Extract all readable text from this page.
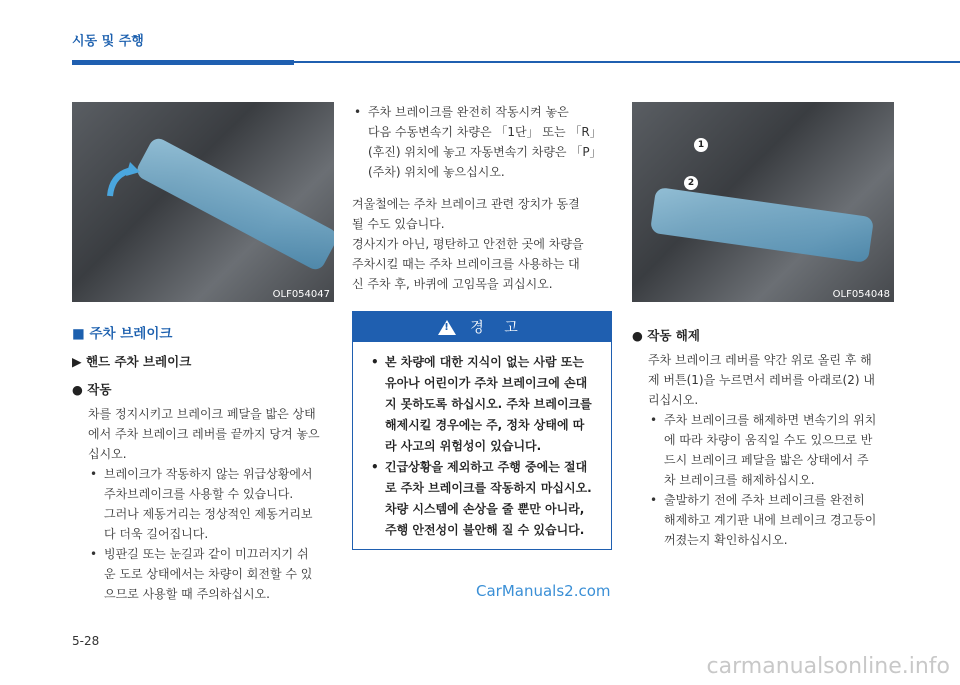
시동 및 주행
OLF054047
1
2
OLF054048
■ 주차 브레이크
▶ 핸드 주차 브레이크
● 작동
차를 정지시키고 브레이크 페달을 밟은 상태
에서 주차 브레이크 레버를 끝까지 당겨 놓으
십시오.
• 브레이크가 작동하지 않는 위급상황에서
주차브레이크를 사용할 수 있습니다.
그러나 제동거리는 정상적인 제동거리보
다 더욱 길어집니다.
• 빙판길 또는 눈길과 같이 미끄러지기 쉬
운 도로 상태에서는 차량이 회전할 수 있
으므로 사용할 때 주의하십시오.
• 주차 브레이크를 완전히 작동시켜 놓은
다음 수동변속기 차량은 「1단」 또는 「R」
(후진) 위치에 놓고 자동변속기 차량은 「P」
(주차) 위치에 놓으십시오.
겨울철에는 주차 브레이크 관련 장치가 동결
될 수도 있습니다.
경사지가 아닌, 평탄하고 안전한 곳에 차량을
주차시킬 때는 주차 브레이크를 사용하는 대
신 주차 후, 바퀴에 고임목을 괴십시오.
! 경 고
• 본 차량에 대한 지식이 없는 사람 또는
유아나 어린이가 주차 브레이크에 손대
지 못하도록 하십시오. 주차 브레이크를
해제시킬 경우에는 주, 정차 상태에 따
라 사고의 위험성이 있습니다.
• 긴급상황을 제외하고 주행 중에는 절대
로 주차 브레이크를 작동하지 마십시오.
차량 시스템에 손상을 줄 뿐만 아니라,
주행 안전성이 불안해 질 수 있습니다.
● 작동 해제
주차 브레이크 레버를 약간 위로 올린 후 해
제 버튼(1)을 누르면서 레버를 아래로(2) 내
리십시오.
• 주차 브레이크를 해제하면 변속기의 위치
에 따라 차량이 움직일 수도 있으므로 반
드시 브레이크 페달을 밟은 상태에서 주
차 브레이크를 해제하십시오.
• 출발하기 전에 주차 브레이크를 완전히
해제하고 계기판 내에 브레이크 경고등이
꺼졌는지 확인하십시오.
CarManuals2.com
5-28
carmanualsonline.info
